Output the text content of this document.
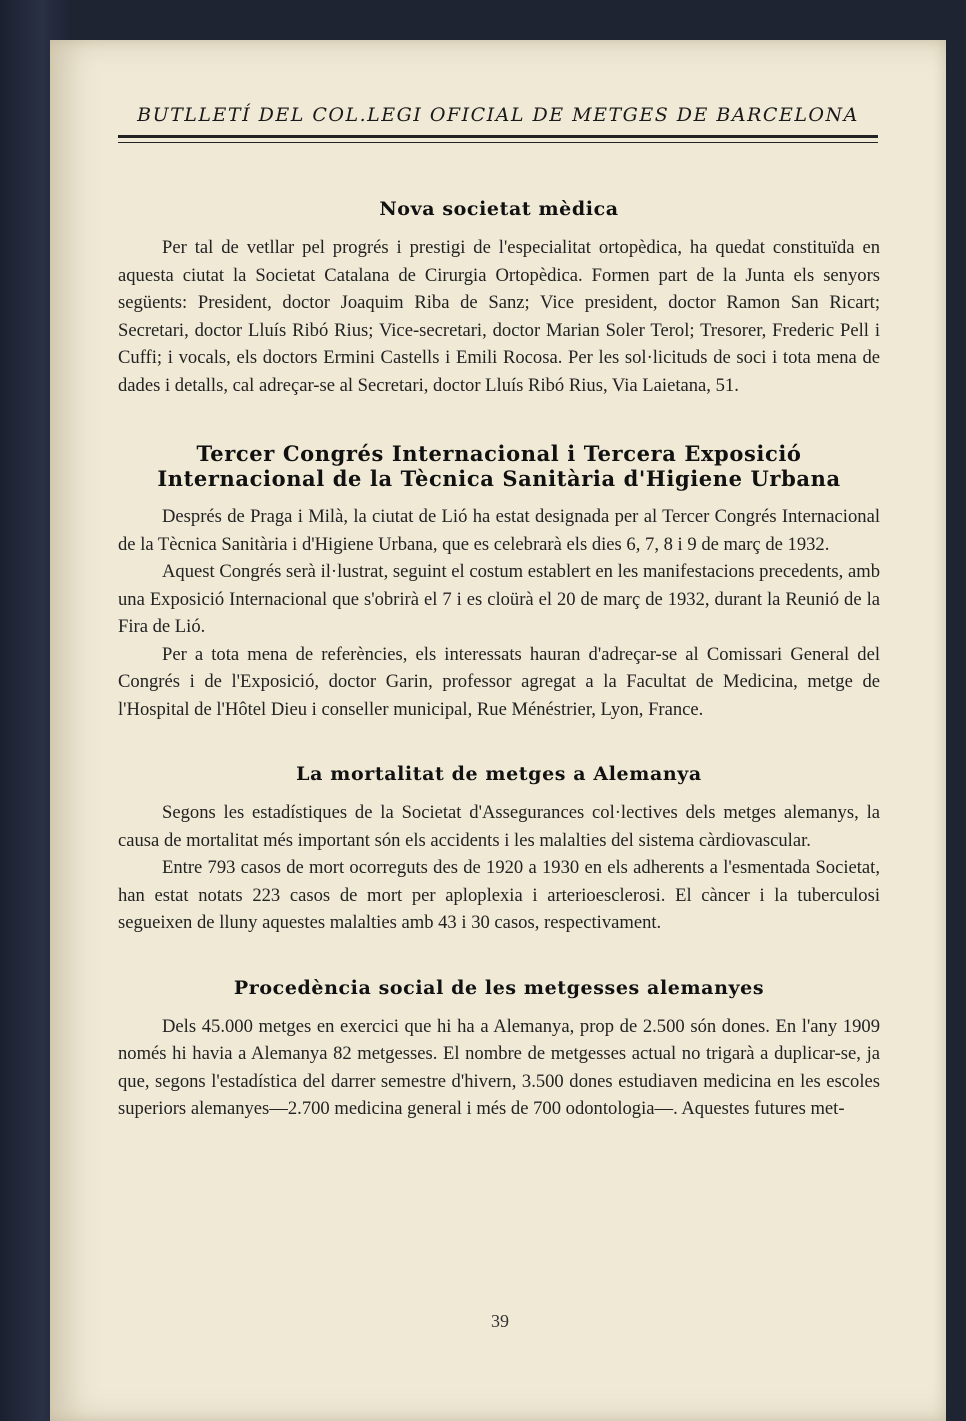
BUTLLETÍ DEL COL.LEGI OFICIAL DE METGES DE BARCELONA
Nova societat mèdica

Per tal de vetllar pel progrés i prestigi de l'especialitat ortopèdica, ha quedat constituïda en aquesta ciutat la Societat Catalana de Cirurgia Ortopèdica. Formen part de la Junta els senyors següents: President, doctor Joaquim Riba de Sanz; Vice president, doctor Ramon San Ricart; Secretari, doctor Lluís Ribó Rius; Vice-secretari, doctor Marian Soler Terol; Tresorer, Frederic Pell i Cuffi; i vocals, els doctors Ermini Castells i Emili Rocosa. Per les sol·licituds de soci i tota mena de dades i detalls, cal adreçar-se al Secretari, doctor Lluís Ribó Rius, Via Laietana, 51.

Tercer Congrés Internacional i Tercera Exposició Internacional de la Tècnica Sanitària d'Higiene Urbana

Després de Praga i Milà, la ciutat de Lió ha estat designada per al Tercer Congrés Internacional de la Tècnica Sanitària i d'Higiene Urbana, que es celebrarà els dies 6, 7, 8 i 9 de març de 1932.

Aquest Congrés serà il·lustrat, seguint el costum establert en les manifestacions precedents, amb una Exposició Internacional que s'obrirà el 7 i es cloürà el 20 de març de 1932, durant la Reunió de la Fira de Lió.

Per a tota mena de referències, els interessats hauran d'adreçar-se al Comissari General del Congrés i de l'Exposició, doctor Garin, professor agregat a la Facultat de Medicina, metge de l'Hospital de l'Hôtel Dieu i conseller municipal, Rue Ménéstrier, Lyon, France.

La mortalitat de metges a Alemanya

Segons les estadístiques de la Societat d'Assegurances col·lectives dels metges alemanys, la causa de mortalitat més important són els accidents i les malalties del sistema càrdiovascular.

Entre 793 casos de mort ocorreguts des de 1920 a 1930 en els adherents a l'esmentada Societat, han estat notats 223 casos de mort per aploplexia i arterioesclerosi. El càncer i la tuberculosi segueixen de lluny aquestes malalties amb 43 i 30 casos, respectivament.

Procedència social de les metgesses alemanyes

Dels 45.000 metges en exercici que hi ha a Alemanya, prop de 2.500 són dones. En l'any 1909 només hi havia a Alemanya 82 metgesses. El nombre de metgesses actual no trigarà a duplicar-se, ja que, segons l'estadística del darrer semestre d'hivern, 3.500 dones estudiaven medicina en les escoles superiors alemanyes—2.700 medicina general i més de 700 odontologia—. Aquestes futures met-

39
